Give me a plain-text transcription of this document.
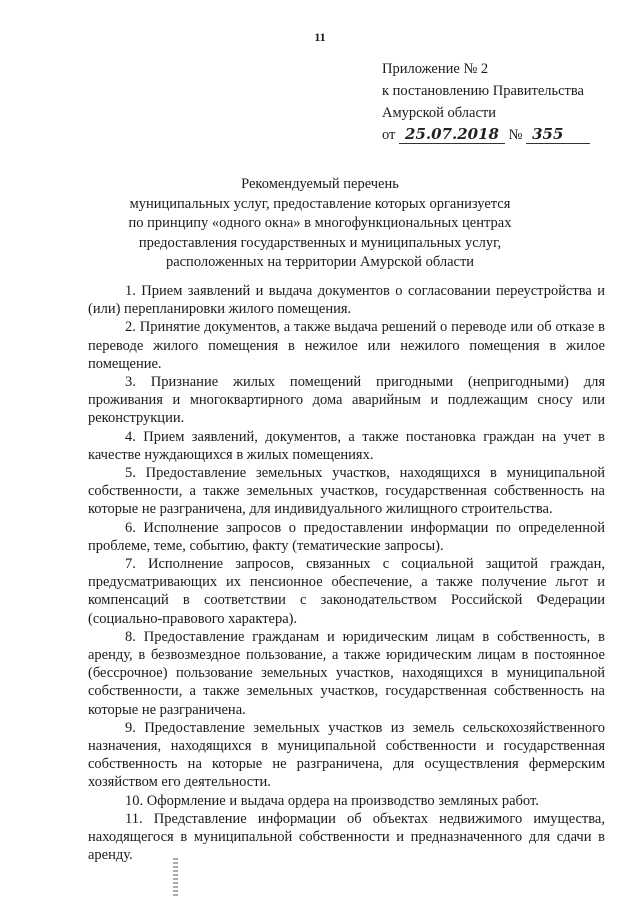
11
Приложение № 2
к постановлению Правительства
Амурской области
от 25.07.2018 № 355
Рекомендуемый перечень
муниципальных услуг, предоставление которых организуется
по принципу «одного окна» в многофункциональных центрах
предоставления государственных и муниципальных услуг,
расположенных на территории Амурской области

1. Прием заявлений и выдача документов о согласовании переустройства и (или) перепланировки жилого помещения.

2. Принятие документов, а также выдача решений о переводе или об отказе в переводе жилого помещения в нежилое или нежилого помещения в жилое помещение.

3. Признание жилых помещений пригодными (непригодными) для проживания и многоквартирного дома аварийным и подлежащим сносу или реконструкции.

4. Прием заявлений, документов, а также постановка граждан на учет в качестве нуждающихся в жилых помещениях.

5. Предоставление земельных участков, находящихся в муниципальной собственности, а также земельных участков, государственная собственность на которые не разграничена, для индивидуального жилищного строительства.

6. Исполнение запросов о предоставлении информации по определенной проблеме, теме, событию, факту (тематические запросы).

7. Исполнение запросов, связанных с социальной защитой граждан, предусматривающих их пенсионное обеспечение, а также получение льгот и компенсаций в соответствии с законодательством Российской Федерации (социально-правового характера).

8. Предоставление гражданам и юридическим лицам в собственность, в аренду, в безвозмездное пользование, а также юридическим лицам в постоянное (бессрочное) пользование земельных участков, находящихся в муниципальной собственности, а также земельных участков, государственная собственность на которые не разграничена.

9. Предоставление земельных участков из земель сельскохозяйственного назначения, находящихся в муниципальной собственности и государственная собственность на которые не разграничена, для осуществления фермерским хозяйством его деятельности.

10. Оформление и выдача ордера на производство земляных работ.

11. Представление информации об объектах недвижимого имущества, находящегося в муниципальной собственности и предназначенного для сдачи в аренду.
